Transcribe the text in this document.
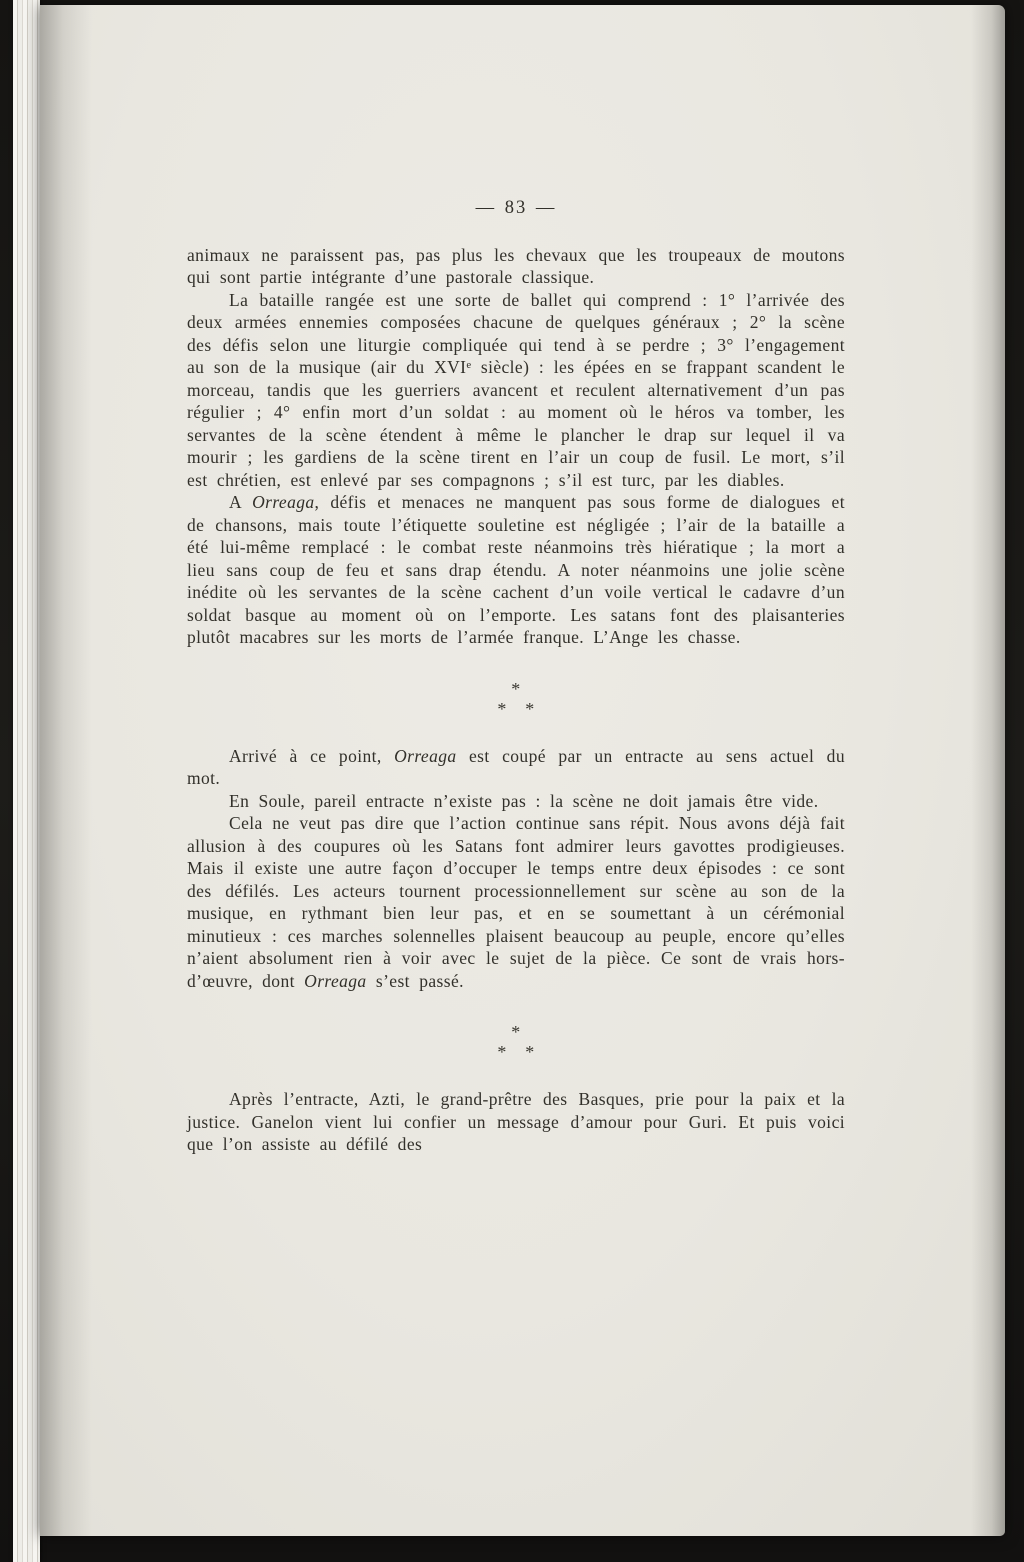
— 83 —

animaux ne paraissent pas, pas plus les chevaux que les troupeaux de moutons qui sont partie intégrante d’une pastorale classique.

La bataille rangée est une sorte de ballet qui comprend : 1° l’arrivée des deux armées ennemies composées chacune de quelques généraux ; 2° la scène des défis selon une liturgie compliquée qui tend à se perdre ; 3° l’engagement au son de la musique (air du XVIe siècle) : les épées en se frappant scandent le morceau, tandis que les guerriers avancent et reculent alternativement d’un pas régulier ; 4° enfin mort d’un soldat : au moment où le héros va tomber, les servantes de la scène étendent à même le plancher le drap sur lequel il va mourir ; les gardiens de la scène tirent en l’air un coup de fusil. Le mort, s’il est chrétien, est enlevé par ses compagnons ; s’il est turc, par les diables.

A Orreaga, défis et menaces ne manquent pas sous forme de dialogues et de chansons, mais toute l’étiquette souletine est négligée ; l’air de la bataille a été lui-même remplacé : le combat reste néanmoins très hiératique ; la mort a lieu sans coup de feu et sans drap étendu. A noter néanmoins une jolie scène inédite où les servantes de la scène cachent d’un voile vertical le cadavre d’un soldat basque au moment où on l’emporte. Les satans font des plaisanteries plutôt macabres sur les morts de l’armée franque. L’Ange les chasse.

*
* *

Arrivé à ce point, Orreaga est coupé par un entracte au sens actuel du mot.

En Soule, pareil entracte n’existe pas : la scène ne doit jamais être vide.

Cela ne veut pas dire que l’action continue sans répit. Nous avons déjà fait allusion à des coupures où les Satans font admirer leurs gavottes prodigieuses. Mais il existe une autre façon d’occuper le temps entre deux épisodes : ce sont des défilés. Les acteurs tournent processionnellement sur scène au son de la musique, en rythmant bien leur pas, et en se soumettant à un cérémonial minutieux : ces marches solennelles plaisent beaucoup au peuple, encore qu’elles n’aient absolument rien à voir avec le sujet de la pièce. Ce sont de vrais hors-d’œuvre, dont Orreaga s’est passé.

*
* *

Après l’entracte, Azti, le grand-prêtre des Basques, prie pour la paix et la justice. Ganelon vient lui confier un message d’amour pour Guri. Et puis voici que l’on assiste au défilé des
